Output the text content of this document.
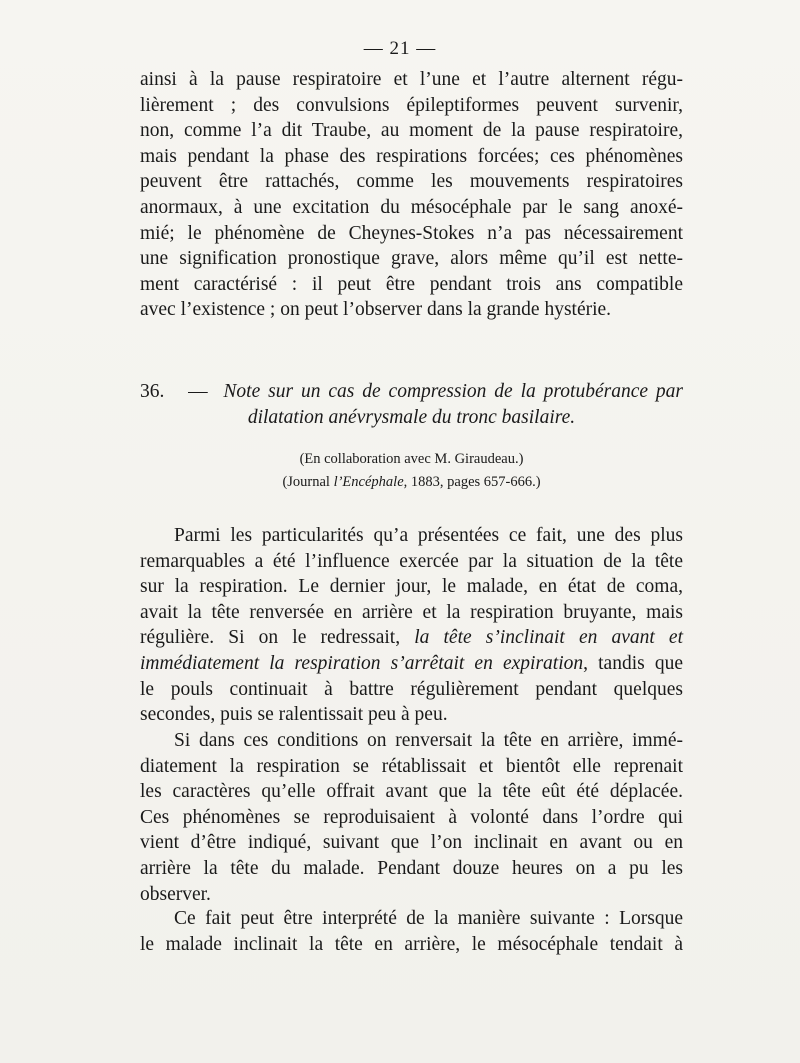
— 21 —
ainsi à la pause respiratoire et l’une et l’autre alternent régu-
lièrement ; des convulsions épileptiformes peuvent survenir,
non, comme l’a dit Traube, au moment de la pause respiratoire,
mais pendant la phase des respirations forcées; ces phénomènes
peuvent être rattachés, comme les mouvements respiratoires
anormaux, à une excitation du mésocéphale par le sang anoxé-
mié; le phénomène de Cheynes-Stokes n’a pas nécessairement
une signification pronostique grave, alors même qu’il est nette-
ment caractérisé : il peut être pendant trois ans compatible
avec l’existence ; on peut l’observer dans la grande hystérie.
36. — Note sur un cas de compression de la protubérance par
dilatation anévrysmale du tronc basilaire.
(En collaboration avec M. Giraudeau.)
(Journal l’Encéphale, 1883, pages 657-666.)
Parmi les particularités qu’a présentées ce fait, une des plus
remarquables a été l’influence exercée par la situation de la tête
sur la respiration. Le dernier jour, le malade, en état de coma,
avait la tête renversée en arrière et la respiration bruyante, mais
régulière. Si on le redressait, la tête s’inclinait en avant et
immédiatement la respiration s’arrêtait en expiration, tandis que
le pouls continuait à battre régulièrement pendant quelques
secondes, puis se ralentissait peu à peu.
Si dans ces conditions on renversait la tête en arrière, immé-
diatement la respiration se rétablissait et bientôt elle reprenait
les caractères qu’elle offrait avant que la tête eût été déplacée.
Ces phénomènes se reproduisaient à volonté dans l’ordre qui
vient d’être indiqué, suivant que l’on inclinait en avant ou en
arrière la tête du malade. Pendant douze heures on a pu les
observer.
Ce fait peut être interprété de la manière suivante : Lorsque
le malade inclinait la tête en arrière, le mésocéphale tendait à
